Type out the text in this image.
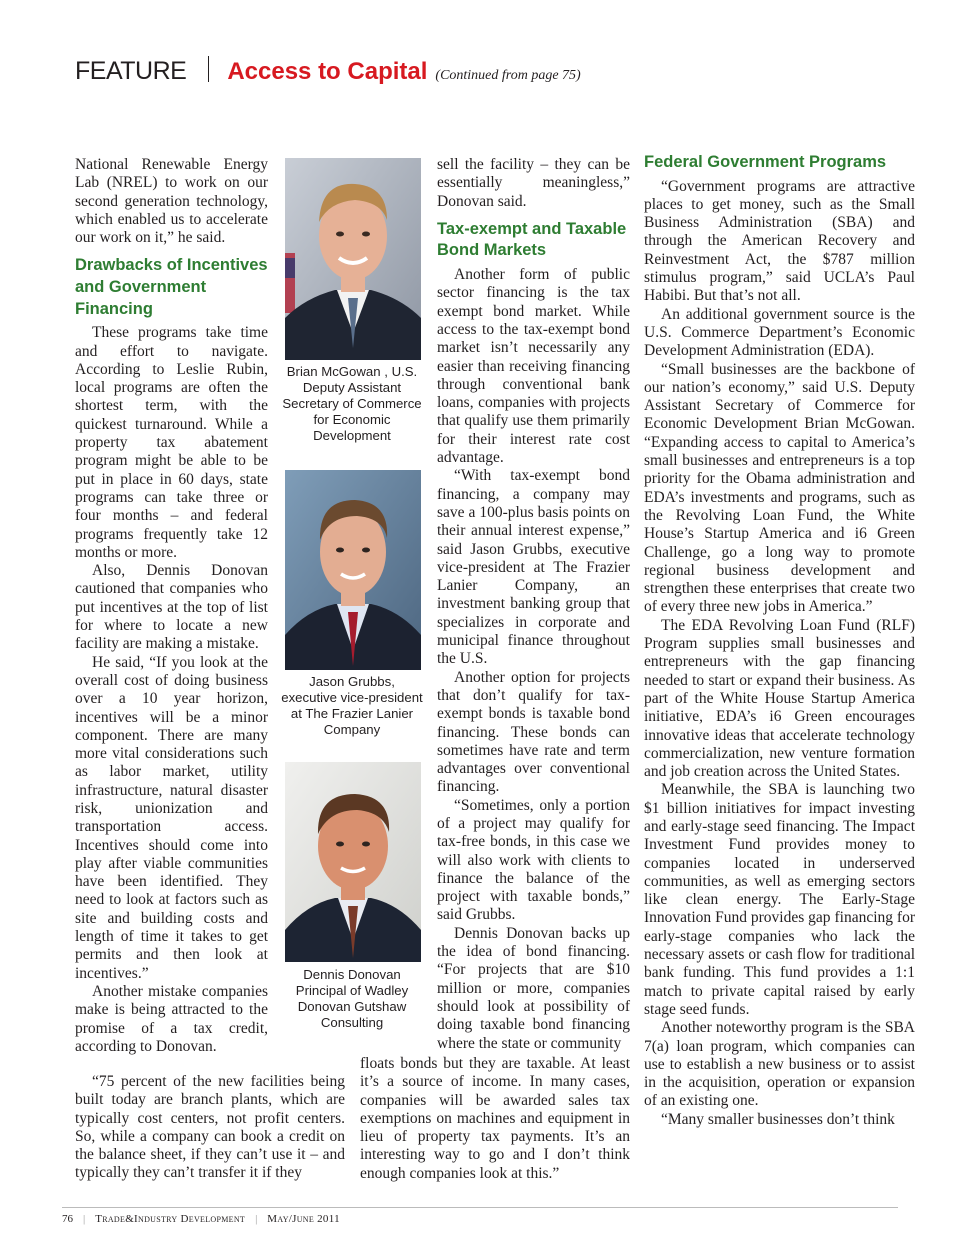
FEATURE Access to Capital (Continued from page 75)

National Renewable Energy Lab (NREL) to work on our second generation technology, which enabled us to accelerate our work on it,” he said.

Drawbacks of Incentives and Government Financing

These programs take time and effort to navigate. According to Leslie Rubin, local programs are often the shortest term, with the quickest turnaround. While a property tax abatement program might be able to be put in place in 60 days, state programs can take three or four months – and federal programs frequently take 12 months or more.

Also, Dennis Donovan cautioned that companies who put incentives at the top of list for where to locate a new facility are making a mistake.

He said, “If you look at the overall cost of doing business over a 10 year horizon, incentives will be a minor component. There are many more vital considerations such as labor market, utility infrastructure, natural disaster risk, unionization and transportation access. Incentives should come into play after viable communities have been identified. They need to look at factors such as site and building costs and length of time it takes to get permits and then look at incentives.”

Another mistake companies make is being attracted to the promise of a tax credit, according to Donovan.

“75 percent of the new facilities being built today are branch plants, which are typically cost centers, not profit centers. So, while a company can book a credit on the balance sheet, if they can’t use it – and typically they can’t transfer it if they

Brian McGowan , U.S. Deputy Assistant Secretary of Commerce for Economic Development
Jason Grubbs, executive vice-president at The Frazier Lanier Company
Dennis Donovan Principal of Wadley Donovan Gutshaw Consulting

sell the facility – they can be essentially meaningless,” Donovan said.

Tax-exempt and Taxable Bond Markets

Another form of public sector financing is the tax exempt bond market. While access to the tax-exempt bond market isn’t necessarily any easier than receiving financing through conventional bank loans, companies with projects that qualify use them primarily for their interest rate cost advantage.

“With tax-exempt bond financing, a company may save a 100-plus basis points on their annual interest expense,” said Jason Grubbs, executive vice-president at The Frazier Lanier Company, an investment banking group that specializes in corporate and municipal finance throughout the U.S.

Another option for projects that don’t qualify for tax-exempt bonds is taxable bond financing. These bonds can sometimes have rate and term advantages over conventional financing.

“Sometimes, only a portion of a project may qualify for tax-free bonds, in this case we will also work with clients to finance the balance of the project with taxable bonds,” said Grubbs.

Dennis Donovan backs up the idea of bond financing. “For projects that are $10 million or more, companies should look at possibility of doing taxable bond financing where the state or community

floats bonds but they are taxable. At least it’s a source of income. In many cases, companies will be awarded sales tax exemptions on machines and equipment in lieu of property tax payments. It’s an interesting way to go and I don’t think enough companies look at this.”

Federal Government Programs

“Government programs are attractive places to get money, such as the Small Business Administration (SBA) and through the American Recovery and Reinvestment Act, the $787 million stimulus program,” said UCLA’s Paul Habibi. But that’s not all.

An additional government source is the U.S. Commerce Department’s Economic Development Administration (EDA).

“Small businesses are the backbone of our nation’s economy,” said U.S. Deputy Assistant Secretary of Commerce for Economic Development Brian McGowan. “Expanding access to capital to America’s small businesses and entrepreneurs is a top priority for the Obama administration and EDA’s investments and programs, such as the Revolving Loan Fund, the White House’s Startup America and i6 Green Challenge, go a long way to promote regional business development and strengthen these enterprises that create two of every three new jobs in America.”

The EDA Revolving Loan Fund (RLF) Program supplies small businesses and entrepreneurs with the gap financing needed to start or expand their business. As part of the White House Startup America initiative, EDA’s i6 Green encourages innovative ideas that accelerate technology commercialization, new venture formation and job creation across the United States.

Meanwhile, the SBA is launching two $1 billion initiatives for impact investing and early-stage seed financing. The Impact Investment Fund provides money to companies located in underserved communities, as well as emerging sectors like clean energy. The Early-Stage Innovation Fund provides gap financing for early-stage companies who lack the necessary assets or cash flow for traditional bank funding. This fund provides a 1:1 match to private capital raised by early stage seed funds.

Another noteworthy program is the SBA 7(a) loan program, which companies can use to establish a new business or to assist in the acquisition, operation or expansion of an existing one.

“Many smaller businesses don’t think

76 | Trade&Industry Development | May/June 2011
